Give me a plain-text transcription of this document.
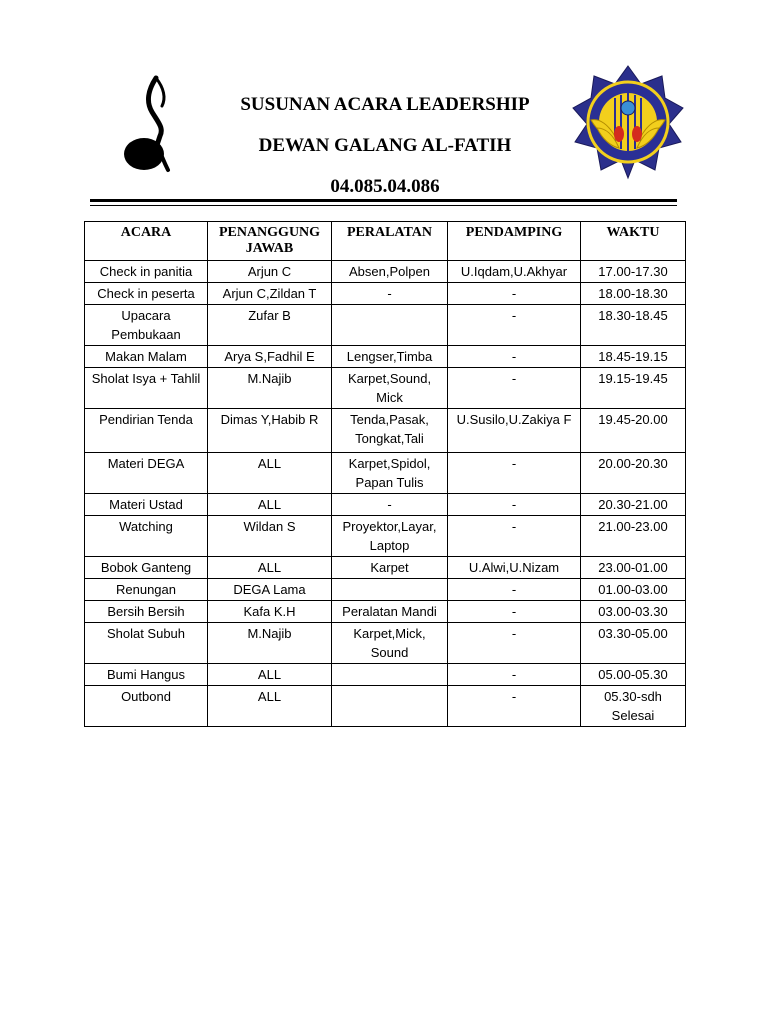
SUSUNAN ACARA LEADERSHIP
DEWAN GALANG AL-FATIH
04.085.04.086
ACARA	PENANGGUNG JAWAB	PERALATAN	PENDAMPING	WAKTU
Check in panitia	Arjun C	Absen,Polpen	U.Iqdam,U.Akhyar	17.00-17.30
Check in peserta	Arjun C,Zildan T	-	-	18.00-18.30
Upacara Pembukaan	Zufar B		-	18.30-18.45
Makan Malam	Arya S,Fadhil E	Lengser,Timba	-	18.45-19.15
Sholat Isya + Tahlil	M.Najib	Karpet,Sound, Mick	-	19.15-19.45
Pendirian Tenda	Dimas Y,Habib R	Tenda,Pasak, Tongkat,Tali	U.Susilo,U.Zakiya F	19.45-20.00
Materi DEGA	ALL	Karpet,Spidol, Papan Tulis	-	20.00-20.30
Materi Ustad	ALL	-	-	20.30-21.00
Watching	Wildan S	Proyektor,Layar, Laptop	-	21.00-23.00
Bobok Ganteng	ALL	Karpet	U.Alwi,U.Nizam	23.00-01.00
Renungan	DEGA Lama		-	01.00-03.00
Bersih Bersih	Kafa K.H	Peralatan Mandi	-	03.00-03.30
Sholat Subuh	M.Najib	Karpet,Mick, Sound	-	03.30-05.00
Bumi Hangus	ALL		-	05.00-05.30
Outbond	ALL		-	05.30-sdh Selesai
